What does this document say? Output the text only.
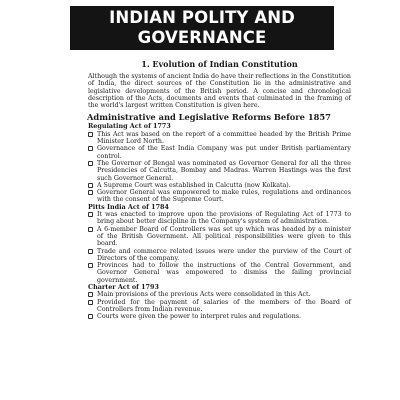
INDIAN POLITY AND
GOVERNANCE
1. Evolution of Indian Constitution

Although the systems of ancient India do have their reflections in the Constitution of India, the direct sources of the Constitution lie in the administrative and legislative developments of the British period. A concise and chronological description of the Acts, documents and events that culminated in the framing of the world's largest written Constitution is given here.

Administrative and Legislative Reforms Before 1857
Regulating Act of 1773
This Act was based on the report of a committee headed by the British Prime Minister Lord North.
Governance of the East India Company was put under British parliamentary control.
The Governor of Bengal was nominated as Governor General for all the three Presidencies of Calcutta, Bombay and Madras. Warren Hastings was the first such Governor General.
A Supreme Court was established in Calcutta (now Kolkata).
Governor General was empowered to make rules, regulations and ordinances with the consent of the Supreme Court.
Pitts India Act of 1784
It was enacted to improve upon the provisions of Regulating Act of 1773 to bring about better discipline in the Company's system of administration.
A 6-member Board of Controllers was set up which was headed by a minister of the British Government. All political responsibilities were given to this board.
Trade and commerce related issues were under the purview of the Court of Directors of the company.
Provinces had to follow the instructions of the Central Government, and Governor General was empowered to dismiss the failing provincial government.
Charter Act of 1793
Main provisions of the previous Acts were consolidated in this Act.
Provided for the payment of salaries of the members of the Board of Controllers from Indian revenue.
Courts were given the power to interpret rules and regulations.
